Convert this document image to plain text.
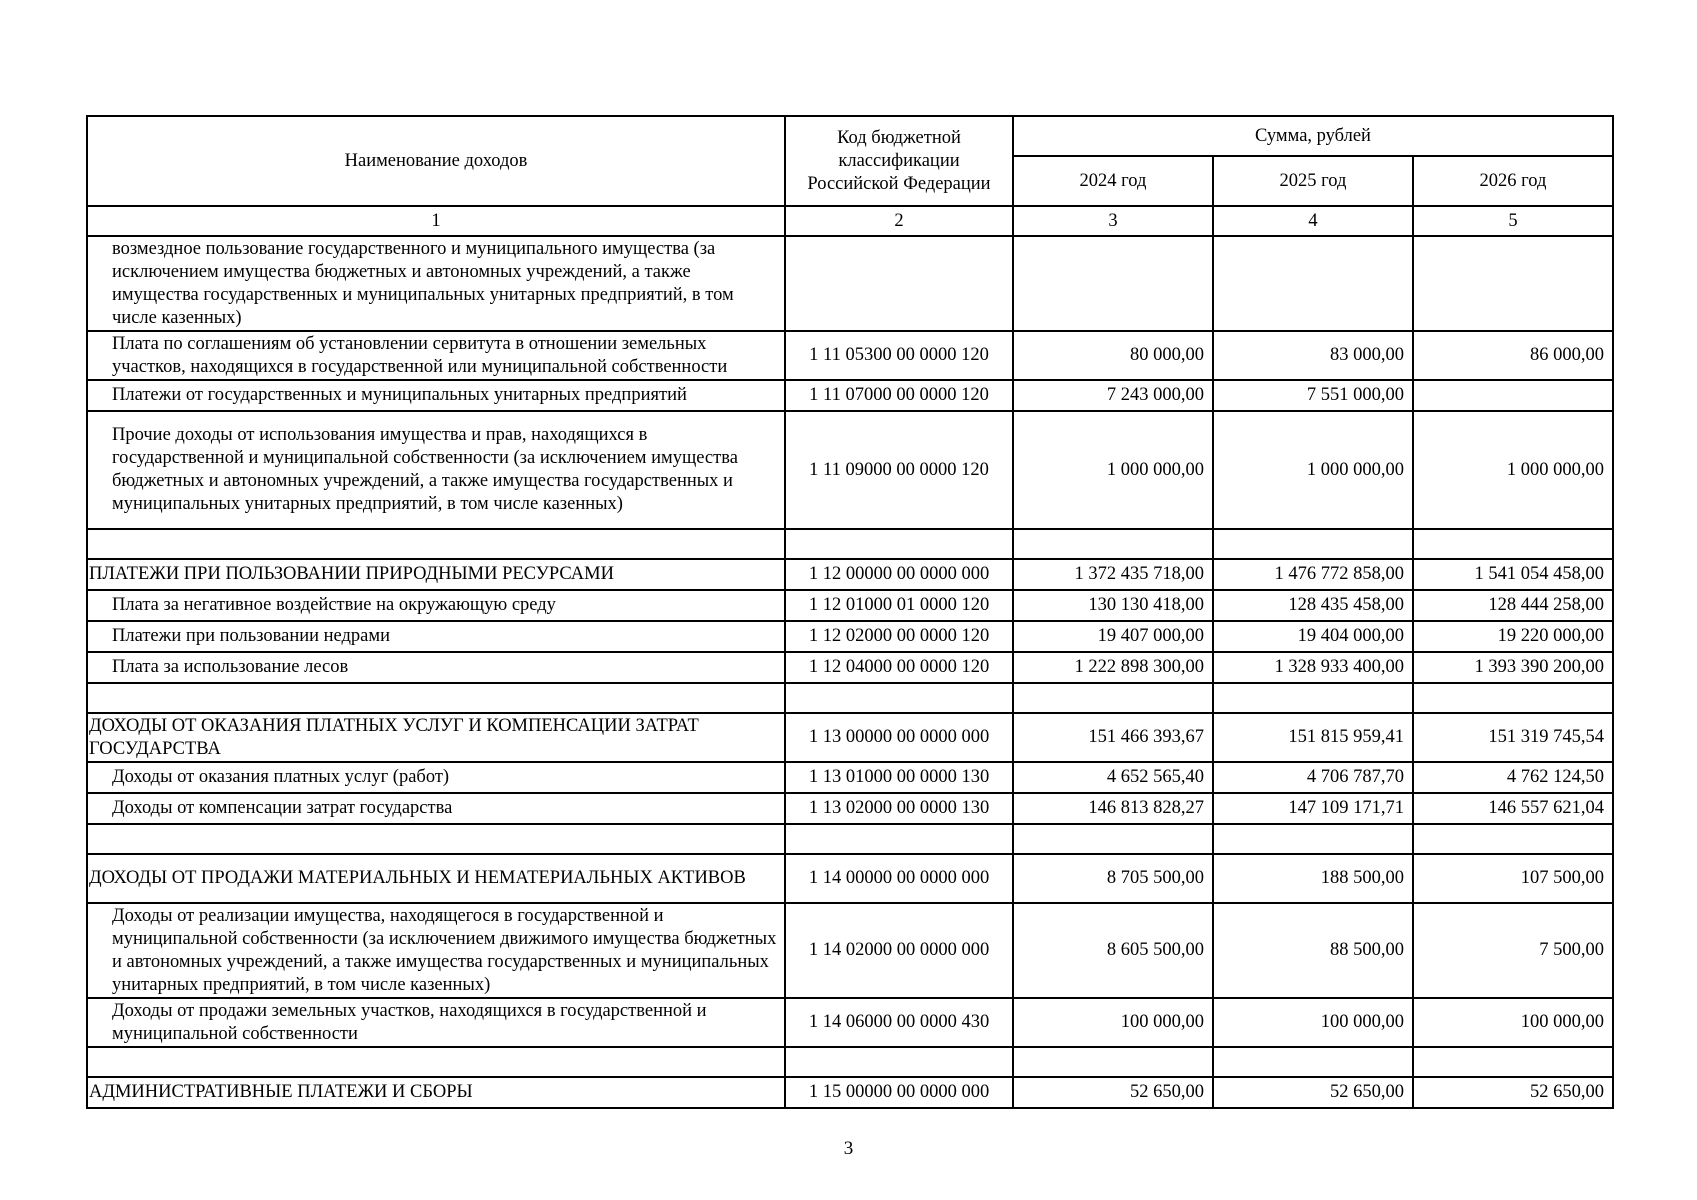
Наименование доходов	Код бюджетной классификации Российской Федерации	Сумма, рублей		
		2024 год	2025 год	2026 год
1	2	3	4	5
возмездное пользование государственного и муниципального имущества (за исключением имущества бюджетных и автономных учреждений, а также имущества государственных и муниципальных унитарных предприятий, в том числе казенных)				
Плата по соглашениям об установлении сервитута в отношении земельных участков, находящихся в государственной или муниципальной собственности	1 11 05300 00 0000 120	80 000,00	83 000,00	86 000,00
Платежи от государственных и муниципальных унитарных предприятий	1 11 07000 00 0000 120	7 243 000,00	7 551 000,00	
Прочие доходы от использования имущества и прав, находящихся в государственной и муниципальной собственности (за исключением имущества бюджетных и автономных учреждений, а также имущества государственных и муниципальных унитарных предприятий, в том числе казенных)	1 11 09000 00 0000 120	1 000 000,00	1 000 000,00	1 000 000,00

ПЛАТЕЖИ ПРИ ПОЛЬЗОВАНИИ ПРИРОДНЫМИ РЕСУРСАМИ	1 12 00000 00 0000 000	1 372 435 718,00	1 476 772 858,00	1 541 054 458,00
Плата за негативное воздействие на окружающую среду	1 12 01000 01 0000 120	130 130 418,00	128 435 458,00	128 444 258,00
Платежи при пользовании недрами	1 12 02000 00 0000 120	19 407 000,00	19 404 000,00	19 220 000,00
Плата за использование лесов	1 12 04000 00 0000 120	1 222 898 300,00	1 328 933 400,00	1 393 390 200,00

ДОХОДЫ ОТ ОКАЗАНИЯ ПЛАТНЫХ УСЛУГ И КОМПЕНСАЦИИ ЗАТРАТ ГОСУДАРСТВА	1 13 00000 00 0000 000	151 466 393,67	151 815 959,41	151 319 745,54
Доходы от оказания платных услуг (работ)	1 13 01000 00 0000 130	4 652 565,40	4 706 787,70	4 762 124,50
Доходы от компенсации затрат государства	1 13 02000 00 0000 130	146 813 828,27	147 109 171,71	146 557 621,04

ДОХОДЫ ОТ ПРОДАЖИ МАТЕРИАЛЬНЫХ И НЕМАТЕРИАЛЬНЫХ АКТИВОВ	1 14 00000 00 0000 000	8 705 500,00	188 500,00	107 500,00
Доходы от реализации имущества, находящегося в государственной и муниципальной собственности (за исключением движимого имущества бюджетных и автономных учреждений, а также имущества государственных и муниципальных унитарных предприятий, в том числе казенных)	1 14 02000 00 0000 000	8 605 500,00	88 500,00	7 500,00
Доходы от продажи земельных участков, находящихся в государственной и муниципальной собственности	1 14 06000 00 0000 430	100 000,00	100 000,00	100 000,00

АДМИНИСТРАТИВНЫЕ ПЛАТЕЖИ И СБОРЫ	1 15 00000 00 0000 000	52 650,00	52 650,00	52 650,00
3
